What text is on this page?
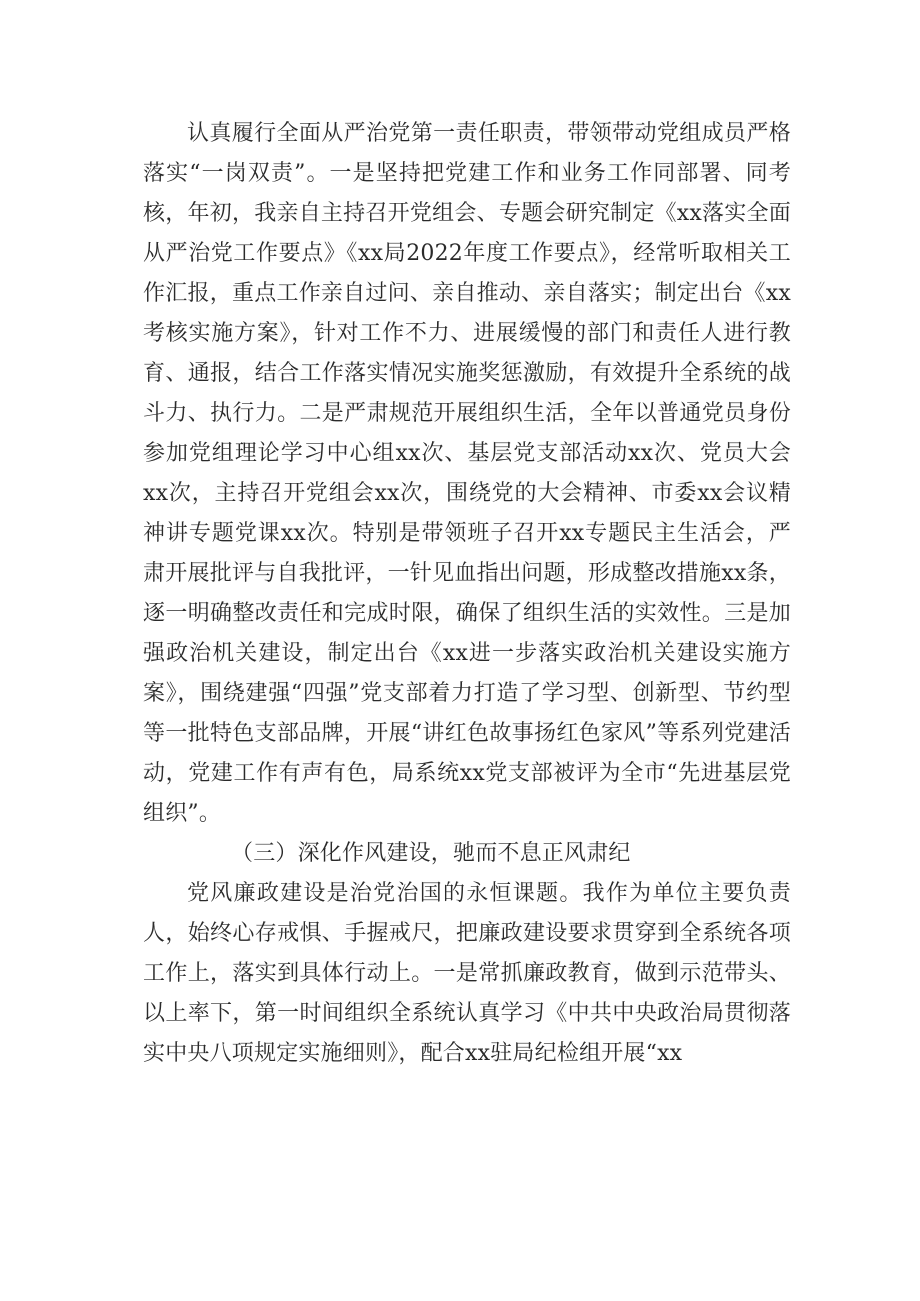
认真履行全面从严治党第一责任职责，带领带动党组成员严格落实“一岗双责”。一是坚持把党建工作和业务工作同部署、同考核，年初，我亲自主持召开党组会、专题会研究制定《xx落实全面从严治党工作要点》《xx局2022年度工作要点》，经常听取相关工作汇报，重点工作亲自过问、亲自推动、亲自落实；制定出台《xx考核实施方案》，针对工作不力、进展缓慢的部门和责任人进行教育、通报，结合工作落实情况实施奖惩激励，有效提升全系统的战斗力、执行力。二是严肃规范开展组织生活，全年以普通党员身份参加党组理论学习中心组xx次、基层党支部活动xx次、党员大会xx次，主持召开党组会xx次，围绕党的大会精神、市委xx会议精神讲专题党课xx次。特别是带领班子召开xx专题民主生活会，严肃开展批评与自我批评，一针见血指出问题，形成整改措施xx条，逐一明确整改责任和完成时限，确保了组织生活的实效性。三是加强政治机关建设，制定出台《xx进一步落实政治机关建设实施方案》，围绕建强“四强”党支部着力打造了学习型、创新型、节约型等一批特色支部品牌，开展“讲红色故事扬红色家风”等系列党建活动，党建工作有声有色，局系统xx党支部被评为全市“先进基层党组织”。

（三）深化作风建设，驰而不息正风肃纪

党风廉政建设是治党治国的永恒课题。我作为单位主要负责人，始终心存戒惧、手握戒尺，把廉政建设要求贯穿到全系统各项工作上，落实到具体行动上。一是常抓廉政教育，做到示范带头、以上率下，第一时间组织全系统认真学习《中共中央政治局贯彻落实中央八项规定实施细则》，配合xx驻局纪检组开展“xx
